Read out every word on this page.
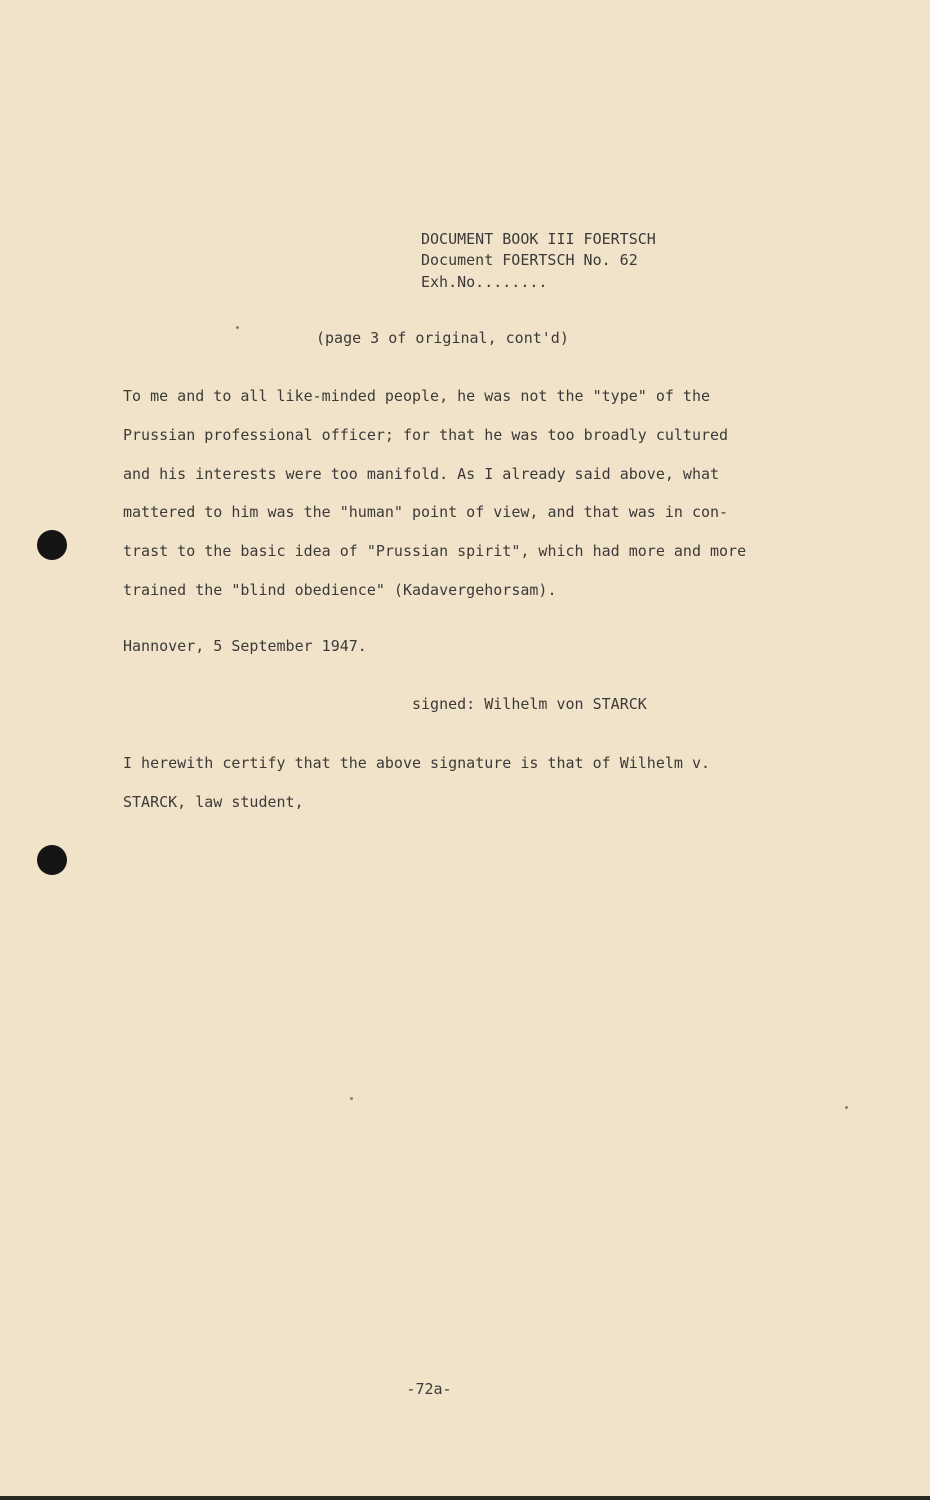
DOCUMENT BOOK III FOERTSCH
Document FOERTSCH No. 62
Exh.No........
(page 3 of original, cont'd)
To me and to all like-minded people, he was not the "type" of the
Prussian professional officer; for that he was too broadly cultured
and his interests were too manifold. As I already said above, what
mattered to him was the "human" point of view, and that was in con-
trast to the basic idea of "Prussian spirit", which had more and more
trained the "blind obedience" (Kadavergehorsam).
Hannover, 5 September 1947.
signed: Wilhelm von STARCK
I herewith certify that the above signature is that of Wilhelm v.
STARCK, law student,
-72a-
